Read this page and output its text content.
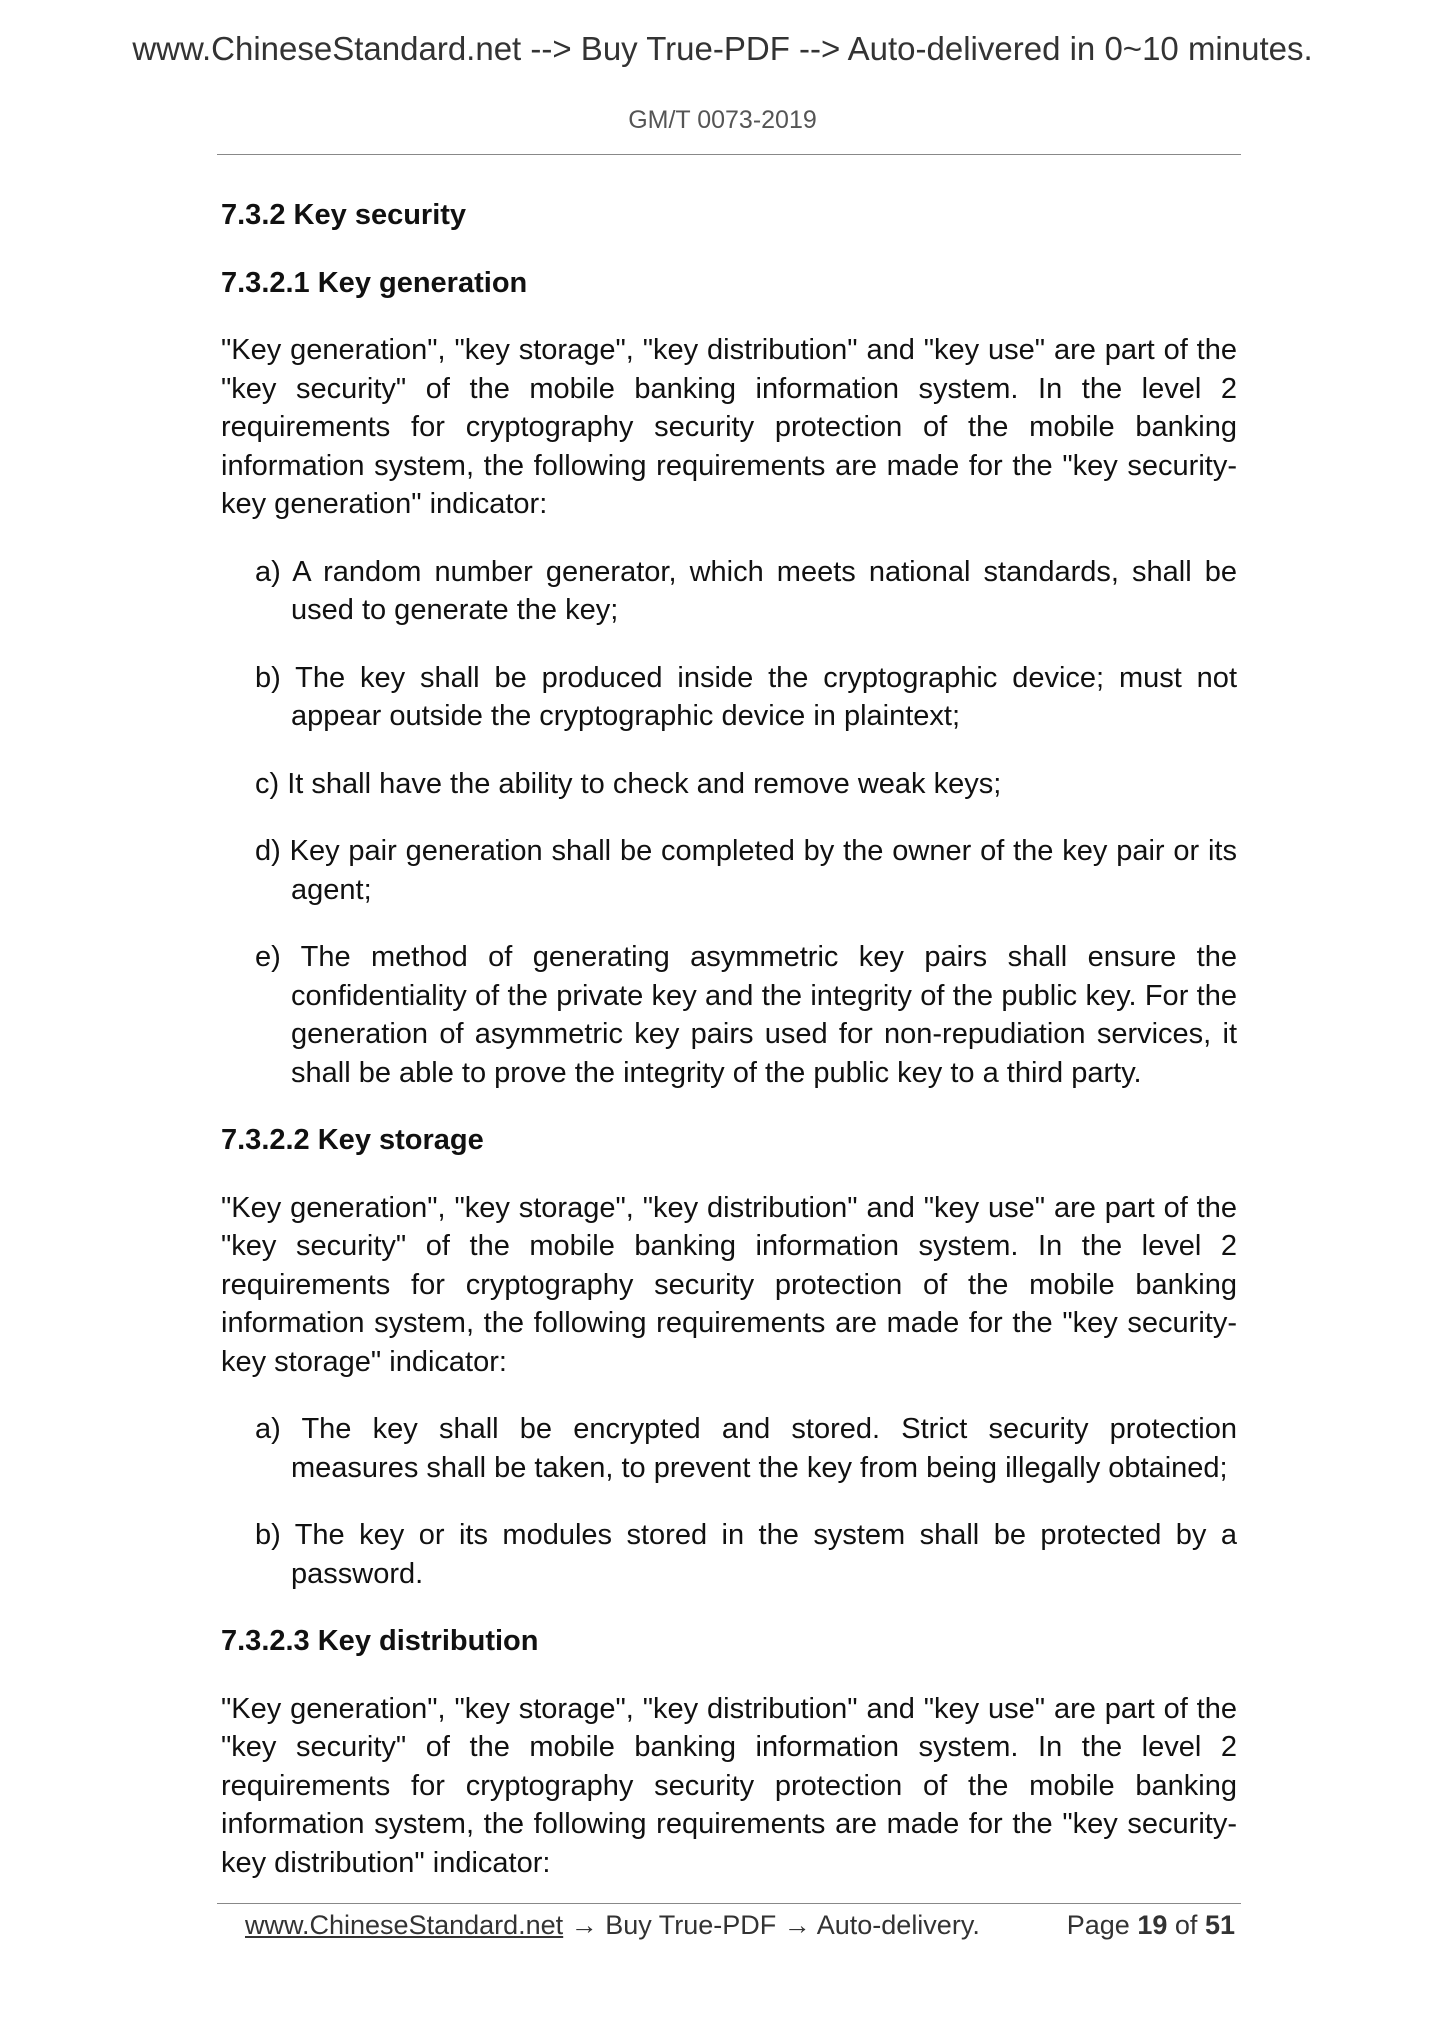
www.ChineseStandard.net --> Buy True-PDF --> Auto-delivered in 0~10 minutes.
GM/T 0073-2019
7.3.2 Key security
7.3.2.1 Key generation

"Key generation", "key storage", "key distribution" and "key use" are part of the "key security" of the mobile banking information system. In the level 2 requirements for cryptography security protection of the mobile banking information system, the following requirements are made for the "key security-key generation" indicator:

a) A random number generator, which meets national standards, shall be used to generate the key;
b) The key shall be produced inside the cryptographic device; must not appear outside the cryptographic device in plaintext;
c) It shall have the ability to check and remove weak keys;
d) Key pair generation shall be completed by the owner of the key pair or its agent;
e) The method of generating asymmetric key pairs shall ensure the confidentiality of the private key and the integrity of the public key. For the generation of asymmetric key pairs used for non-repudiation services, it shall be able to prove the integrity of the public key to a third party.
7.3.2.2 Key storage

"Key generation", "key storage", "key distribution" and "key use" are part of the "key security" of the mobile banking information system. In the level 2 requirements for cryptography security protection of the mobile banking information system, the following requirements are made for the "key security-key storage" indicator:

a) The key shall be encrypted and stored. Strict security protection measures shall be taken, to prevent the key from being illegally obtained;
b) The key or its modules stored in the system shall be protected by a password.
7.3.2.3 Key distribution

"Key generation", "key storage", "key distribution" and "key use" are part of the "key security" of the mobile banking information system. In the level 2 requirements for cryptography security protection of the mobile banking information system, the following requirements are made for the "key security-key distribution" indicator:

www.ChineseStandard.net → Buy True-PDF → Auto-delivery.	Page 19 of 51
